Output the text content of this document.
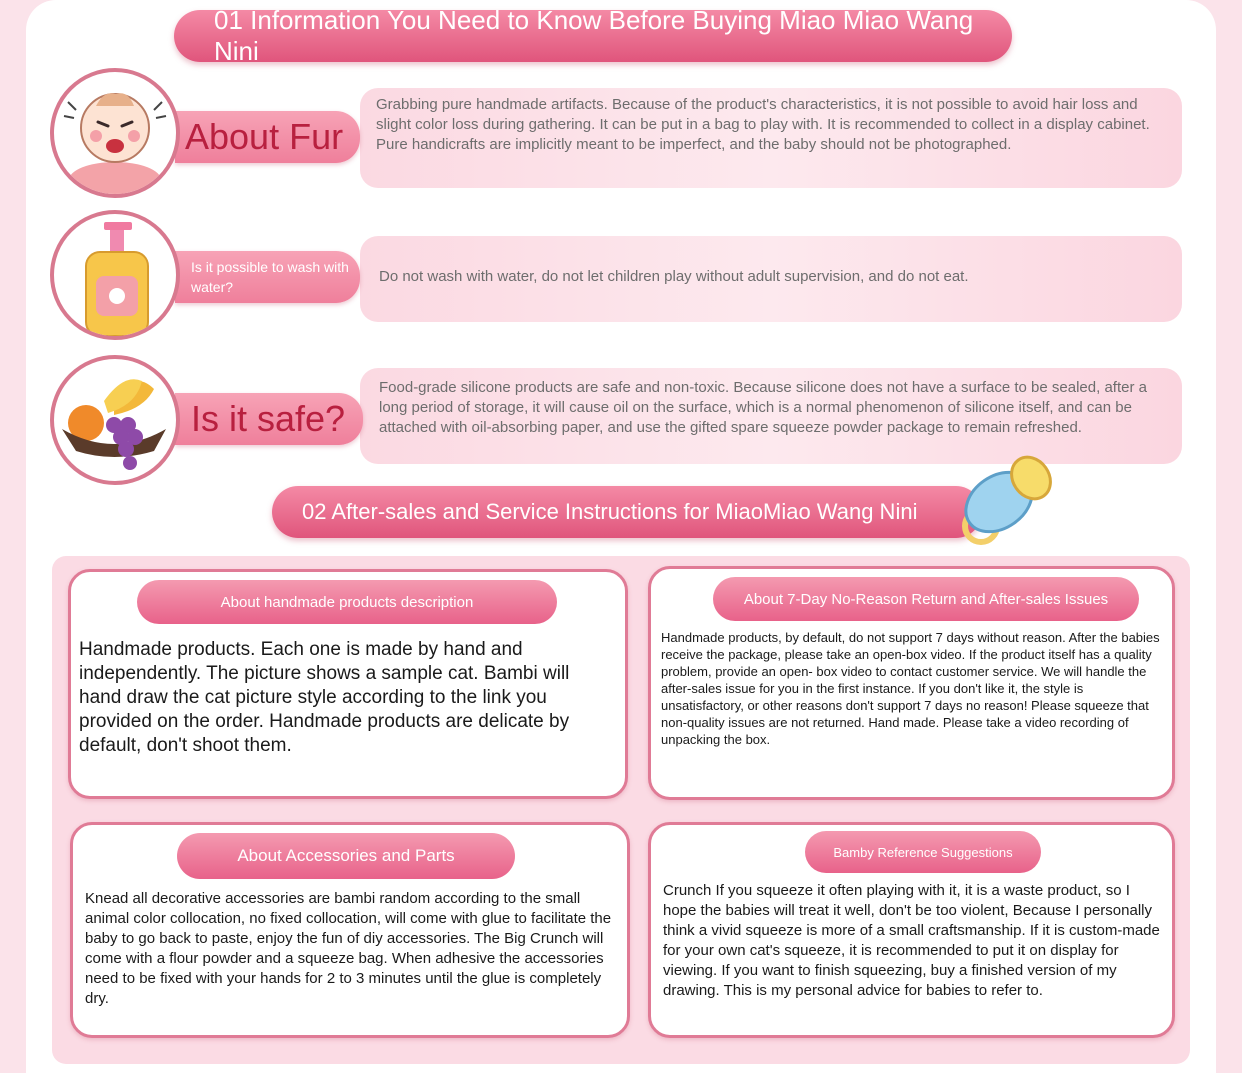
01 Information You Need to Know Before Buying Miao Miao Wang Nini
About Fur
Grabbing pure handmade artifacts. Because of the product's characteristics, it is not possible to avoid hair loss and slight color loss during gathering. It can be put in a bag to play with. It is recommended to collect in a display cabinet. Pure handicrafts are implicitly meant to be imperfect, and the baby should not be photographed.
Is it possible to wash with water?
Do not wash with water, do not let children play without adult supervision, and do not eat.
Is it safe?
Food-grade silicone products are safe and non-toxic. Because silicone does not have a surface to be sealed, after a long period of storage, it will cause oil on the surface, which is a normal phenomenon of silicone itself, and can be attached with oil-absorbing paper, and use the gifted spare squeeze powder package to remain refreshed.
02 After-sales and Service Instructions for MiaoMiao Wang Nini
About handmade products description
Handmade products. Each one is made by hand and independently. The picture shows a sample cat. Bambi will hand draw the cat picture style according to the link you provided on the order. Handmade products are delicate by default, don't shoot them.
About 7-Day No-Reason Return and After-sales Issues
Handmade products, by default, do not support 7 days without reason. After the babies receive the package, please take an open-box video. If the product itself has a quality problem, provide an open- box video to contact customer service. We will handle the after-sales issue for you in the first instance. If you don't like it, the style is unsatisfactory, or other reasons don't support 7 days no reason! Please squeeze that non-quality issues are not returned. Hand made. Please take a video recording of unpacking the box.
About Accessories and Parts
Knead all decorative accessories are bambi random according to the small animal color collocation, no fixed collocation, will come with glue to facilitate the baby to go back to paste, enjoy the fun of diy accessories. The Big Crunch will come with a flour powder and a squeeze bag. When adhesive the accessories need to be fixed with your hands for 2 to 3 minutes until the glue is completely dry.
Bamby Reference Suggestions
Crunch If you squeeze it often playing with it, it is a waste product, so I hope the babies will treat it well, don't be too violent, Because I personally think a vivid squeeze is more of a small craftsmanship. If it is custom-made for your own cat's squeeze, it is recommended to put it on display for viewing. If you want to finish squeezing, buy a finished version of my drawing. This is my personal advice for babies to refer to.
